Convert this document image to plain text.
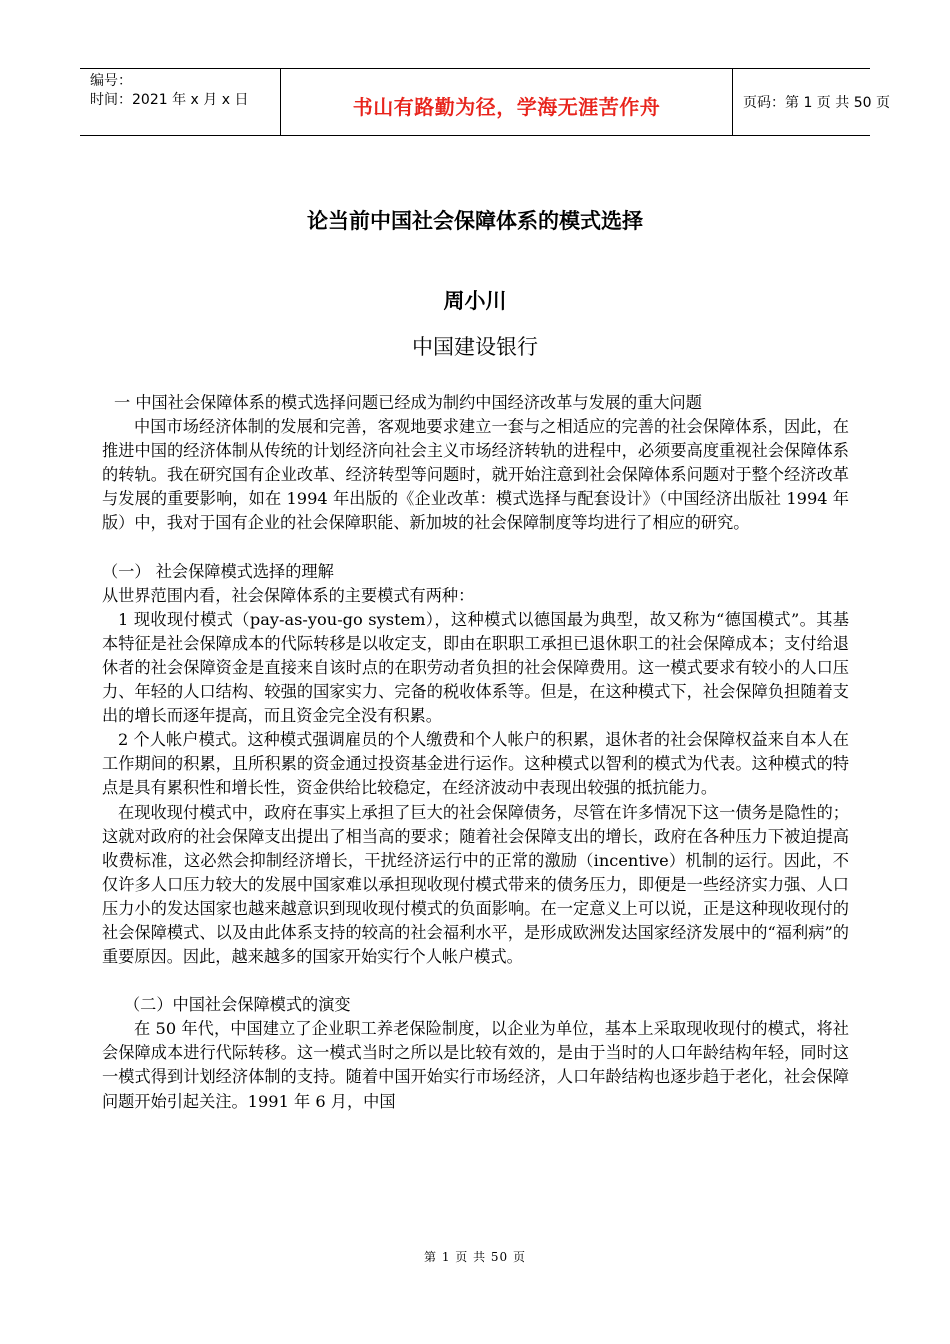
编号：
时间：2021 年 x 月 x 日	书山有路勤为径，学海无涯苦作舟	页码：第 1 页 共 50 页
论当前中国社会保障体系的模式选择
周小川
中国建设银行

一 中国社会保障体系的模式选择问题已经成为制约中国经济改革与发展的重大问题

中国市场经济体制的发展和完善，客观地要求建立一套与之相适应的完善的社会保障体系，因此，在推进中国的经济体制从传统的计划经济向社会主义市场经济转轨的进程中，必须要高度重视社会保障体系的转轨。我在研究国有企业改革、经济转型等问题时，就开始注意到社会保障体系问题对于整个经济改革与发展的重要影响，如在 1994 年出版的《企业改革：模式选择与配套设计》（中国经济出版社 1994 年版）中，我对于国有企业的社会保障职能、新加坡的社会保障制度等均进行了相应的研究。

（一） 社会保障模式选择的理解

从世界范围内看，社会保障体系的主要模式有两种：

1 现收现付模式（pay-as-you-go system），这种模式以德国最为典型，故又称为“德国模式”。其基本特征是社会保障成本的代际转移是以收定支，即由在职职工承担已退休职工的社会保障成本；支付给退休者的社会保障资金是直接来自该时点的在职劳动者负担的社会保障费用。这一模式要求有较小的人口压力、年轻的人口结构、较强的国家实力、完备的税收体系等。但是，在这种模式下，社会保障负担随着支出的增长而逐年提高，而且资金完全没有积累。

2 个人帐户模式。这种模式强调雇员的个人缴费和个人帐户的积累，退休者的社会保障权益来自本人在工作期间的积累，且所积累的资金通过投资基金进行运作。这种模式以智利的模式为代表。这种模式的特点是具有累积性和增长性，资金供给比较稳定，在经济波动中表现出较强的抵抗能力。

在现收现付模式中，政府在事实上承担了巨大的社会保障债务，尽管在许多情况下这一债务是隐性的；这就对政府的社会保障支出提出了相当高的要求；随着社会保障支出的增长，政府在各种压力下被迫提高收费标准，这必然会抑制经济增长，干扰经济运行中的正常的激励（incentive）机制的运行。因此，不仅许多人口压力较大的发展中国家难以承担现收现付模式带来的债务压力，即便是一些经济实力强、人口压力小的发达国家也越来越意识到现收现付模式的负面影响。在一定意义上可以说，正是这种现收现付的社会保障模式、以及由此体系支持的较高的社会福利水平，是形成欧洲发达国家经济发展中的“福利病”的重要原因。因此，越来越多的国家开始实行个人帐户模式。

（二）中国社会保障模式的演变

在 50 年代，中国建立了企业职工养老保险制度，以企业为单位，基本上采取现收现付的模式，将社会保障成本进行代际转移。这一模式当时之所以是比较有效的，是由于当时的人口年龄结构年轻，同时这一模式得到计划经济体制的支持。随着中国开始实行市场经济，人口年龄结构也逐步趋于老化，社会保障问题开始引起关注。1991 年 6 月，中国

第 1 页 共 50 页
